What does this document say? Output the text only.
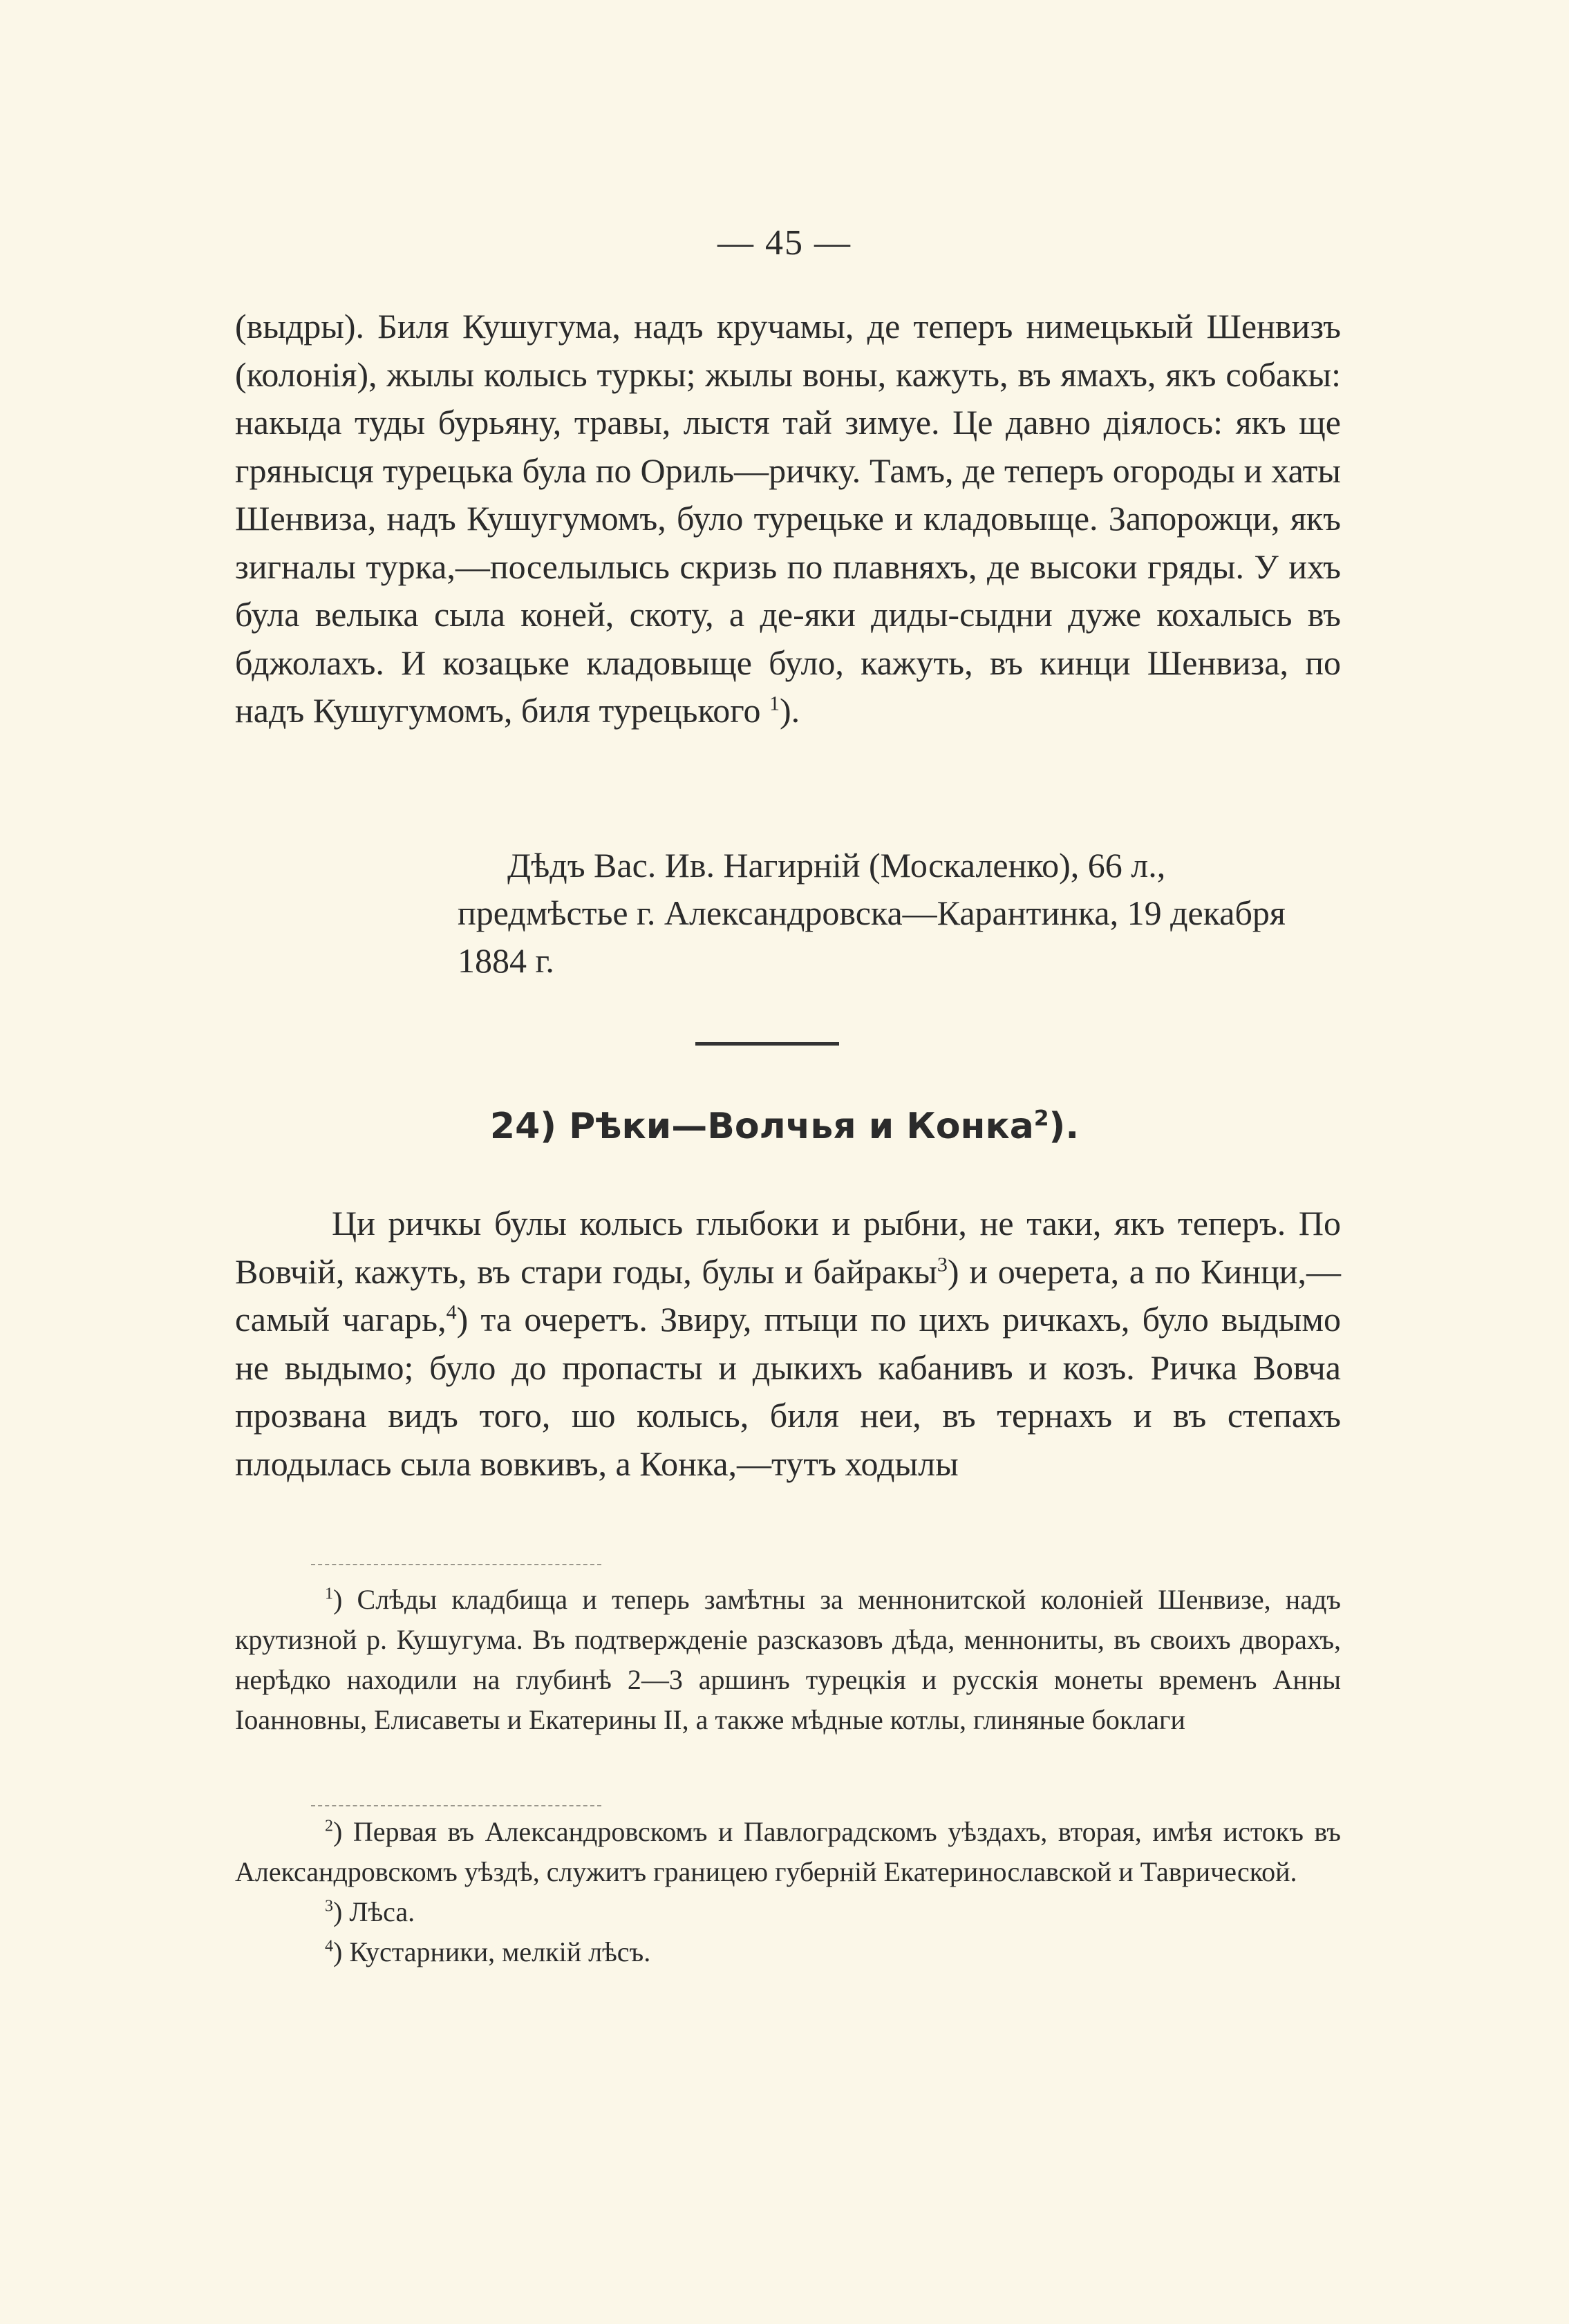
— 45 —

(выдры). Биля Кушугума, надъ кручамы, де теперъ нимецькый Шенвизъ (колонія), жылы колысь туркы; жылы воны, кажуть, въ ямахъ, якъ собакы: накыда туды бурьяну, травы, лыстя тай зимуе. Це давно діялось: якъ ще грянысця турецька була по Ориль—ричку. Тамъ, де теперъ огороды и хаты Шенвиза, надъ Кушугумомъ, було турецьке и кладовыще. Запорожци, якъ зигналы турка,—поселылысь скризь по плавняхъ, де высоки гряды. У ихъ була велыка сыла коней, скоту, а де-яки диды-сыдни дуже кохалысь въ бджолахъ. И козацьке кладовыще було, кажуть, въ кинци Шенвиза, по надъ Кушугумомъ, биля турецького $^1$).

Дѣдъ Вас. Ив. Нагирній (Москаленко), 66 л.,
предмѣстье г. Александровска—Карантинка, 19 декабря 1884 г.
24) Рѣки—Волчья и Конка$^2$).

Ци ричкы булы колысь глыбоки и рыбни, не таки, якъ теперъ. По Вовчій, кажуть, въ стари годы, булы и байракы$^3$) и очерета, а по Кинци,—самый чагарь,$^4$) та очеретъ. Звиру, птыци по цихъ ричкахъ, було выдымо не выдымо; було до пропасты и дыкихъ кабанивъ и козъ. Ричка Вовча прозвана видъ того, шо колысь, биля неи, въ тернахъ и въ степахъ плодылась сыла вовкивъ, а Конка,—тутъ ходылы

$^1$) Слѣды кладбища и теперь замѣтны за меннонитской колоніей Шенвизе, надъ крутизной р. Кушугума. Въ подтвержденіе разсказовъ дѣда, меннониты, въ своихъ дворахъ, нерѣдко находили на глубинѣ 2—3 аршинъ турецкія и русскія монеты временъ Анны Іоанновны, Елисаветы и Екатерины II, а также мѣдные котлы, глиняные боклаги

$^2$) Первая въ Александровскомъ и Павлоградскомъ уѣздахъ, вторая, имѣя истокъ въ Александровскомъ уѣздѣ, служитъ границею губерній Екатеринославской и Таврической.

$^3$) Лѣса.

$^4$) Кустарники, мелкій лѣсъ.
